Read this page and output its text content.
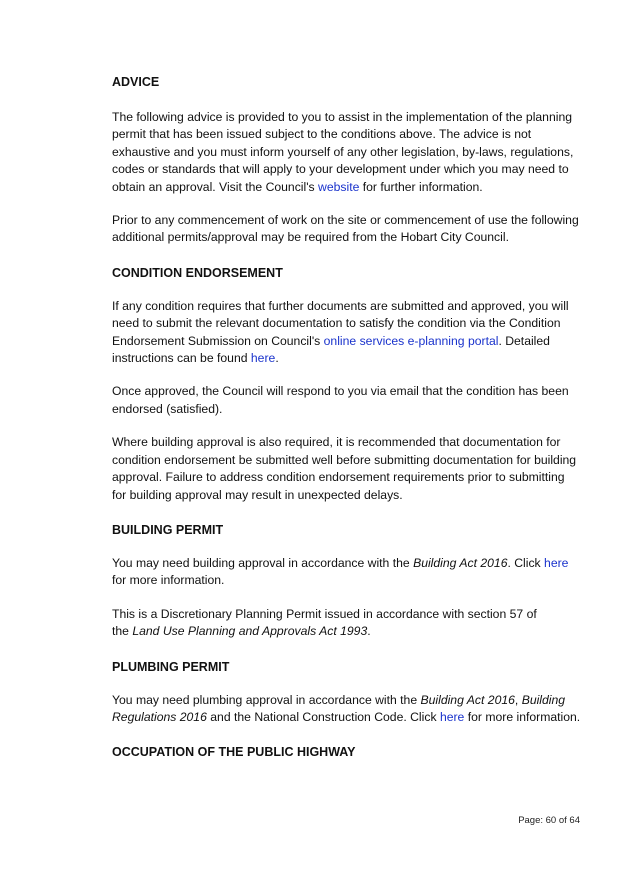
ADVICE

The following advice is provided to you to assist in the implementation of the planning permit that has been issued subject to the conditions above. The advice is not exhaustive and you must inform yourself of any other legislation, by-laws, regulations, codes or standards that will apply to your development under which you may need to obtain an approval. Visit the Council's website for further information.

Prior to any commencement of work on the site or commencement of use the following additional permits/approval may be required from the Hobart City Council.

CONDITION ENDORSEMENT

If any condition requires that further documents are submitted and approved, you will need to submit the relevant documentation to satisfy the condition via the Condition Endorsement Submission on Council's online services e-planning portal. Detailed instructions can be found here.

Once approved, the Council will respond to you via email that the condition has been endorsed (satisfied).

Where building approval is also required, it is recommended that documentation for condition endorsement be submitted well before submitting documentation for building approval. Failure to address condition endorsement requirements prior to submitting for building approval may result in unexpected delays.

BUILDING PERMIT

You may need building approval in accordance with the Building Act 2016. Click here for more information.

This is a Discretionary Planning Permit issued in accordance with section 57 of the Land Use Planning and Approvals Act 1993.

PLUMBING PERMIT

You may need plumbing approval in accordance with the Building Act 2016, Building Regulations 2016 and the National Construction Code. Click here for more information.

OCCUPATION OF THE PUBLIC HIGHWAY
Page: 60 of 64
